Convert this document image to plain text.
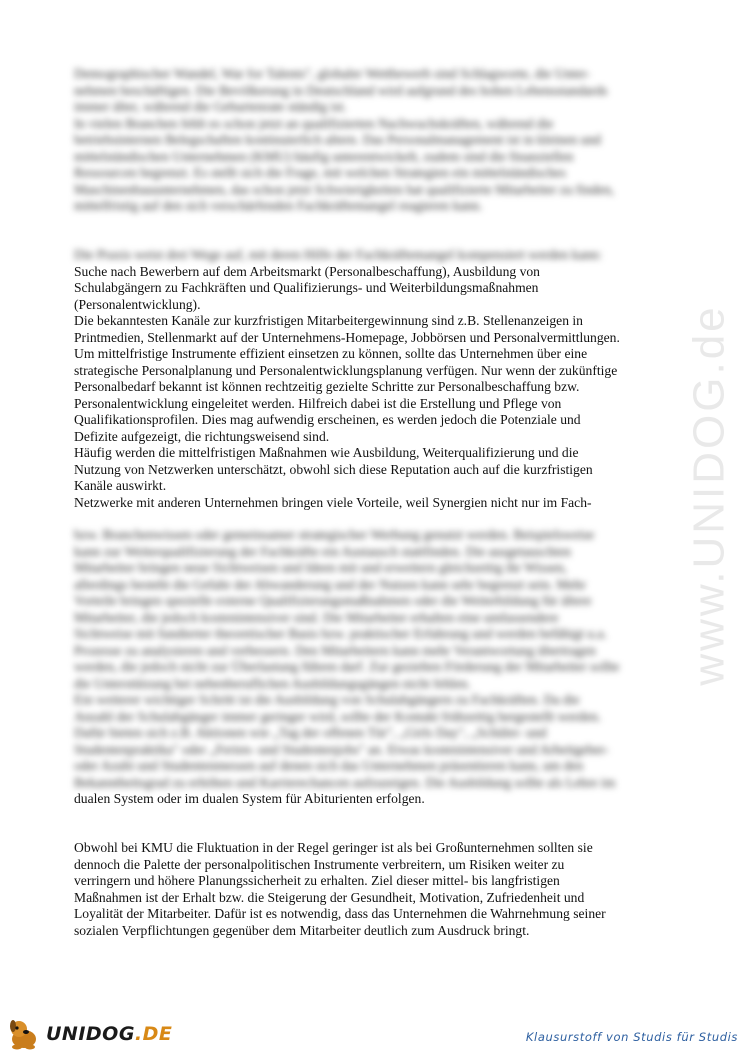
www.UNIDOG.de
Demographischer Wandel, War for Talents", globaler Wettbewerb sind Schlagworte, die Unter-
nehmen beschäftigen. Die Bevölkerung in Deutschland wird aufgrund des hohen Lebensstandards
immer älter, während die Geburtenrate ständig ist.
In vielen Branchen fehlt es schon jetzt an qualifizierten Nachwuchskräften, während die
betriebsinternen Belegschaften kontinuierlich altern. Das Personalmanagement ist in kleinen und
mittelständischen Unternehmen (KMU) häufig unterentwickelt, zudem sind die finanziellen
Ressourcen begrenzt. Es stellt sich die Frage, mit welchen Strategien ein mittelständisches
Maschinenbauunternehmen, das schon jetzt Schwierigkeiten hat qualifizierte Mitarbeiter zu finden,
mittelfristig auf den sich verschärfenden Fachkräftemangel reagieren kann.
Die Praxis weist drei Wege auf, mit deren Hilfe der Fachkräftemangel kompensiert werden kann:
Suche nach Bewerbern auf dem Arbeitsmarkt (Personalbeschaffung), Ausbildung von
Schulabgängern zu Fachkräften und Qualifizierungs- und Weiterbildungsmaßnahmen
(Personalentwicklung).
Die bekanntesten Kanäle zur kurzfristigen Mitarbeitergewinnung sind z.B. Stellenanzeigen in
Printmedien, Stellenmarkt auf der Unternehmens-Homepage, Jobbörsen und Personalvermittlungen.
Um mittelfristige Instrumente effizient einsetzen zu können, sollte das Unternehmen über eine
strategische Personalplanung und Personalentwicklungsplanung verfügen. Nur wenn der zukünftige
Personalbedarf bekannt ist können rechtzeitig gezielte Schritte zur Personalbeschaffung bzw.
Personalentwicklung eingeleitet werden. Hilfreich dabei ist die Erstellung und Pflege von
Qualifikationsprofilen. Dies mag aufwendig erscheinen, es werden jedoch die Potenziale und
Defizite aufgezeigt, die richtungsweisend sind.
Häufig werden die mittelfristigen Maßnahmen wie Ausbildung, Weiterqualifizierung und die
Nutzung von Netzwerken unterschätzt, obwohl sich diese Reputation auch auf die kurzfristigen
Kanäle auswirkt.
Netzwerke mit anderen Unternehmen bringen viele Vorteile, weil Synergien nicht nur im Fach-
bzw. Branchenwissen oder gemeinsamer strategischer Werbung genutzt werden. Beispielsweise
kann zur Weiterqualifizierung der Fachkräfte ein Austausch stattfinden. Die ausgetauschten
Mitarbeiter bringen neue Sichtweisen und Ideen mit und erweitern gleichzeitig ihr Wissen,
allerdings besteht die Gefahr der Abwanderung und der Nutzen kann sehr begrenzt sein. Mehr
Vorteile bringen spezielle externe Qualifizierungsmaßnahmen oder die Weiterbildung für ältere
Mitarbeiter, die jedoch kostenintensiver sind. Die Mitarbeiter erhalten eine umfassendere
Sichtweise mit fundierter theoretischer Basis bzw. praktischer Erfahrung und werden befähigt u.a.
Prozesse zu analysieren und verbessern. Den Mitarbeitern kann mehr Verantwortung übertragen
werden, die jedoch nicht zur Überlastung führen darf. Zur gezielten Förderung der Mitarbeiter sollte
die Unterstützung bei nebenberuflichen Ausbildungsgängen nicht fehlen.
Ein weiterer wichtiger Schritt ist die Ausbildung von Schulabgängern zu Fachkräften. Da die
Anzahl der Schulabgänger immer geringer wird, sollte der Kontakt frühzeitig hergestellt werden.
Dafür bieten sich z.B. Aktionen wie „Tag der offenen Tür", „Girls Day", „Schüler- und
Studentenpraktika" oder „Ferien- und Studentenjobs" an. Etwas kostenintensiver und Arbeitgeber-
oder Azubi und Studentenmessen auf denen sich das Unternehmen präsentieren kann, um den
Bekanntheitsgrad zu erhöhen und Karrierechancen aufzuzeigen. Die Ausbildung sollte als Lehre im
dualen System oder im dualen System für Abiturienten erfolgen.
Obwohl bei KMU die Fluktuation in der Regel geringer ist als bei Großunternehmen sollten sie
dennoch die Palette der personalpolitischen Instrumente verbreitern, um Risiken weiter zu
verringern und höhere Planungssicherheit zu erhalten. Ziel dieser mittel- bis langfristigen
Maßnahmen ist der Erhalt bzw. die Steigerung der Gesundheit, Motivation, Zufriedenheit und
Loyalität der Mitarbeiter. Dafür ist es notwendig, dass das Unternehmen die Wahrnehmung seiner
sozialen Verpflichtungen gegenüber dem Mitarbeiter deutlich zum Ausdruck bringt.
UNIDOG.DE	Klausurstoff von Studis für Studis
